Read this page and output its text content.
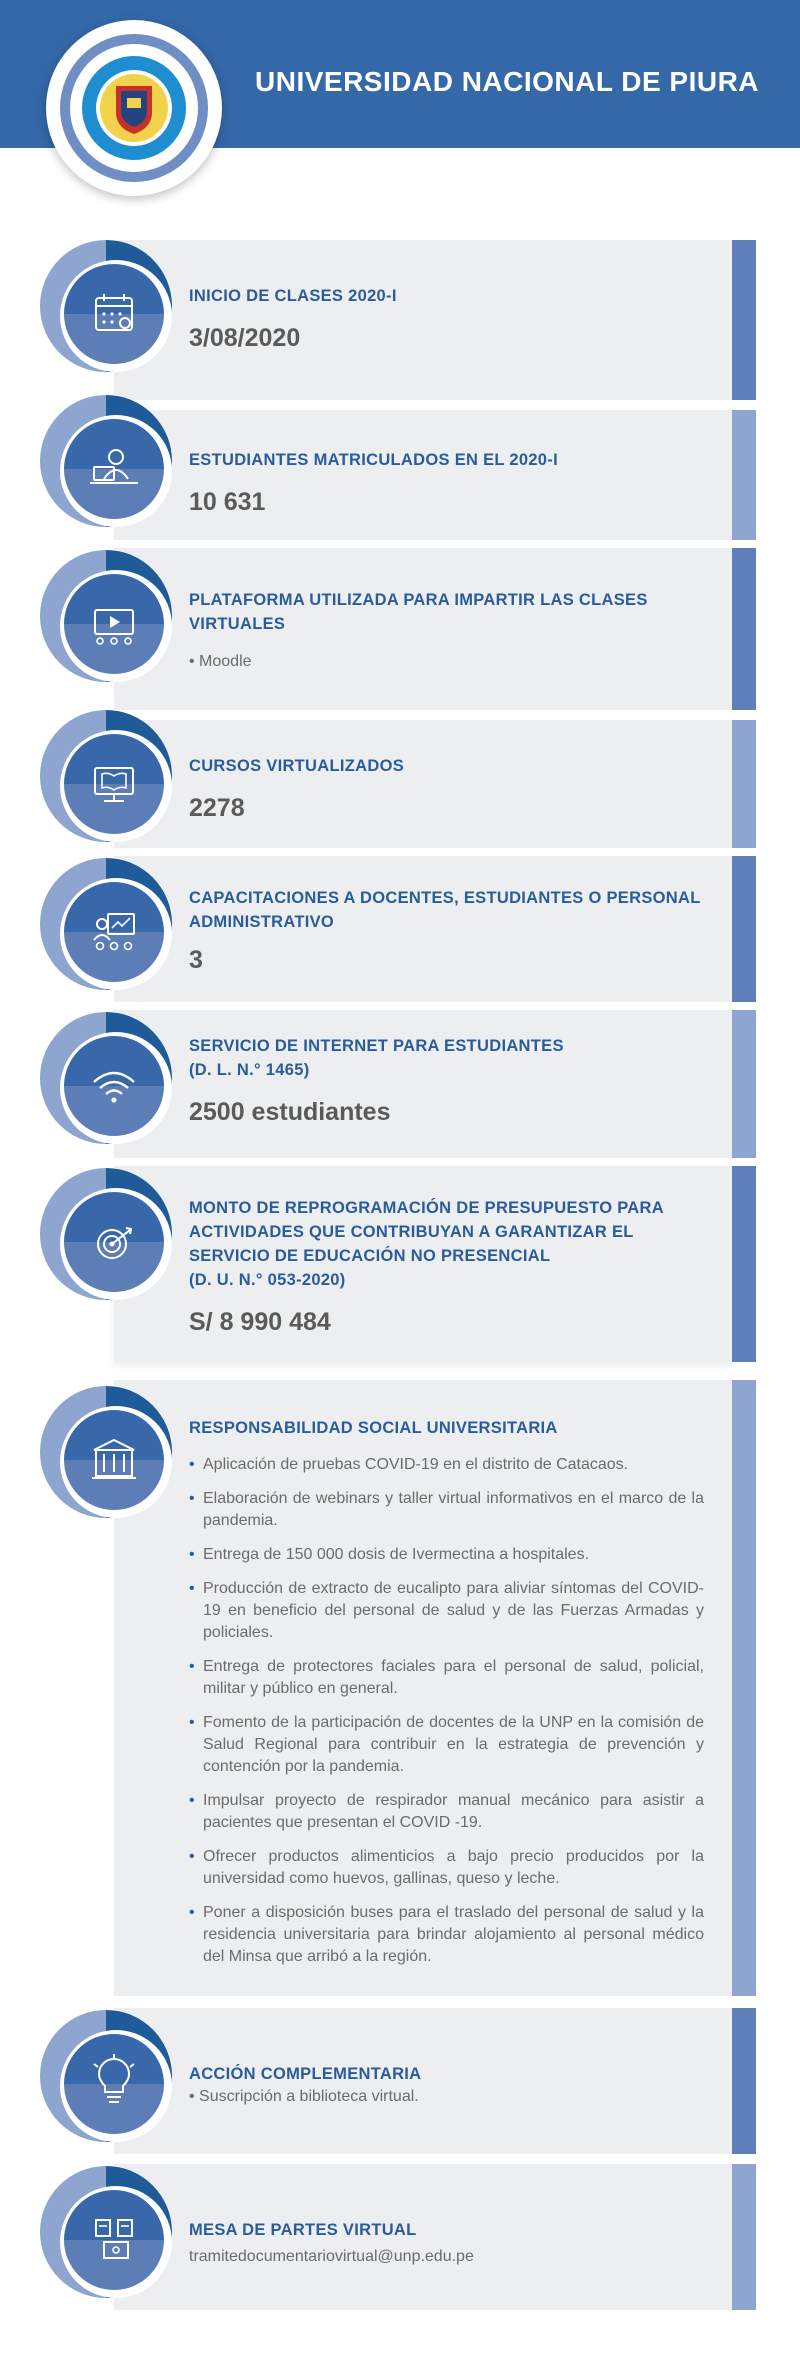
UNIVERSIDAD NACIONAL DE PIURA
INICIO DE CLASES 2020-I
3/08/2020
ESTUDIANTES MATRICULADOS EN EL 2020-I
10 631
PLATAFORMA UTILIZADA PARA IMPARTIR LAS CLASES
VIRTUALES
• Moodle
CURSOS VIRTUALIZADOS
2278
CAPACITACIONES A DOCENTES, ESTUDIANTES O PERSONAL
ADMINISTRATIVO
3
SERVICIO DE INTERNET PARA ESTUDIANTES
(D. L. N.° 1465)
2500 estudiantes
MONTO DE REPROGRAMACIÓN DE PRESUPUESTO PARA
ACTIVIDADES QUE CONTRIBUYAN A GARANTIZAR EL
SERVICIO DE EDUCACIÓN NO PRESENCIAL
(D. U. N.° 053-2020)
S/ 8 990 484
RESPONSABILIDAD SOCIAL UNIVERSITARIA
• Aplicación de pruebas COVID-19 en el distrito de Catacaos.
• Elaboración de webinars y taller virtual informativos en el marco de la pandemia.
• Entrega de 150 000 dosis de Ivermectina a hospitales.
• Producción de extracto de eucalipto para aliviar síntomas del COVID-19 en beneficio del personal de salud y de las Fuerzas Armadas y policiales.
• Entrega de protectores faciales para el personal de salud, policial, militar y público en general.
• Fomento de la participación de docentes de la UNP en la comisión de Salud Regional para contribuir en la estrategia de prevención y contención por la pandemia.
• Impulsar proyecto de respirador manual mecánico para asistir a pacientes que presentan el COVID -19.
• Ofrecer productos alimenticios a bajo precio producidos por la universidad como huevos, gallinas, queso y leche.
• Poner a disposición buses para el traslado del personal de salud y la residencia universitaria para brindar alojamiento al personal médico del Minsa que arribó a la región.
ACCIÓN COMPLEMENTARIA
• Suscripción a biblioteca virtual.
MESA DE PARTES VIRTUAL
tramitedocumentariovirtual@unp.edu.pe
